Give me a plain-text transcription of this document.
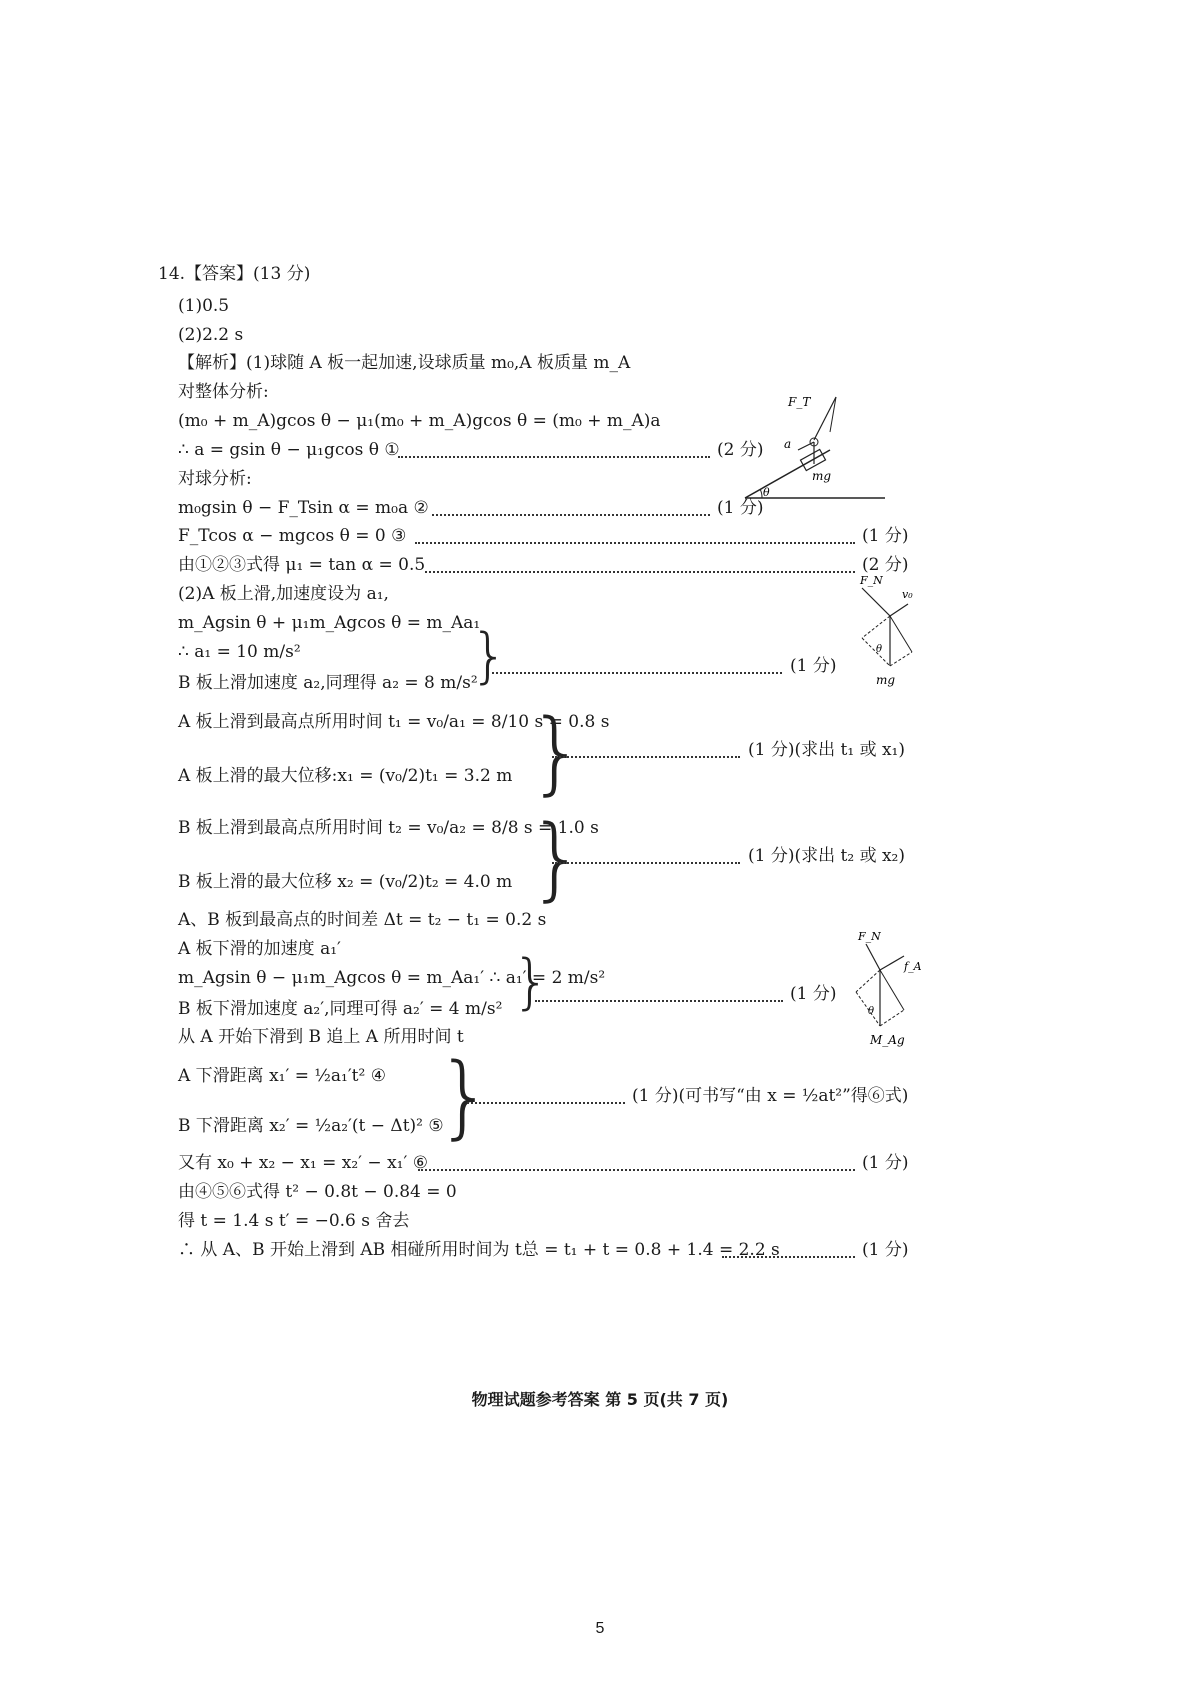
14.【答案】(13 分)
(1)0.5
(2)2.2 s
【解析】(1)球随 A 板一起加速,设球质量 m₀,A 板质量 m_A
对整体分析:
(m₀ + m_A)gcos θ − μ₁(m₀ + m_A)gcos θ = (m₀ + m_A)a
∴ a = gsin θ − μ₁gcos θ ①	(2 分)
对球分析:
m₀gsin θ − F_Tsin α = m₀a ②	(1 分)
F_Tcos α − mgcos θ = 0 ③	(1 分)
由①②③式得 μ₁ = tan α = 0.5	(2 分)
(2)A 板上滑,加速度设为 a₁,
m_Agsin θ + μ₁m_Agcos θ = m_Aa₁
∴ a₁ = 10 m/s²
B 板上滑加速度 a₂,同理得 a₂ = 8 m/s²
}	(1 分)
A 板上滑到最高点所用时间 t₁ = v₀/a₁ = 8/10 s = 0.8 s
A 板上滑的最大位移:x₁ = (v₀/2)t₁ = 3.2 m }	(1 分)(求出 t₁ 或 x₁)
B 板上滑到最高点所用时间 t₂ = v₀/a₂ = 8/8 s = 1.0 s
B 板上滑的最大位移 x₂ = (v₀/2)t₂ = 4.0 m }	(1 分)(求出 t₂ 或 x₂)
A、B 板到最高点的时间差 Δt = t₂ − t₁ = 0.2 s
A 板下滑的加速度 a₁′
m_Agsin θ − μ₁m_Agcos θ = m_Aa₁′ ∴ a₁′ = 2 m/s²
B 板下滑加速度 a₂′,同理可得 a₂′ = 4 m/s² }	(1 分)
从 A 开始下滑到 B 追上 A 所用时间 t
A 下滑距离 x₁′ = ½a₁′t² ④
B 下滑距离 x₂′ = ½a₂′(t − Δt)² ⑤
}	(1 分)(可书写“由 x = ½at²”得⑥式)
又有 x₀ + x₂ − x₁ = x₂′ − x₁′ ⑥	(1 分)
由④⑤⑥式得 t² − 0.8t − 0.84 = 0
得 t = 1.4 s t′ = −0.6 s 舍去
∴ 从 A、B 开始上滑到 AB 相碰所用时间为 t总 = t₁ + t = 0.8 + 1.4 = 2.2 s	(1 分)
θ
F_T
a
mg
F_N
v₀
θ
mg
F_N
f_A
θ
M_Ag
物理试题参考答案 第 5 页(共 7 页)
5
